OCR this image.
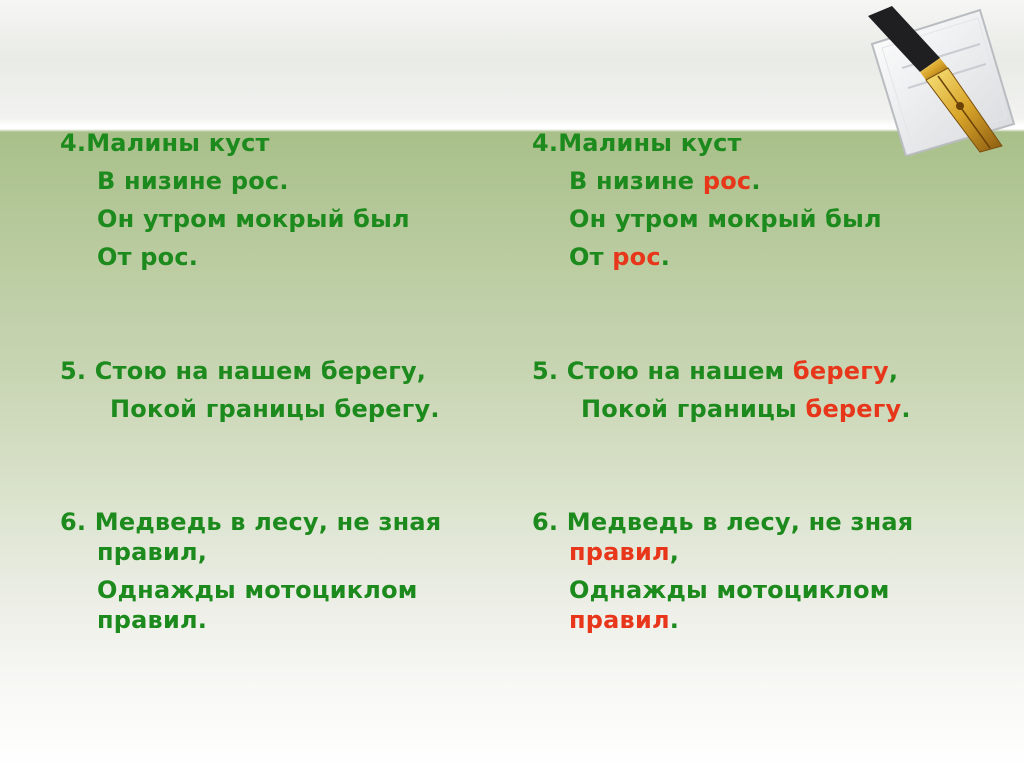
4.Малины куст
В низине рос.
Он утром мокрый был
От рос.
5. Стою на нашем берегу,
Покой границы берегу.
6. Медведь в лесу, не зная
правил,
Однажды мотоциклом
правил.
4.Малины куст
В низине рос.
Он утром мокрый был
От рос.
5. Стою на нашем берегу,
Покой границы берегу.
6. Медведь в лесу, не зная
правил,
Однажды мотоциклом
правил.
